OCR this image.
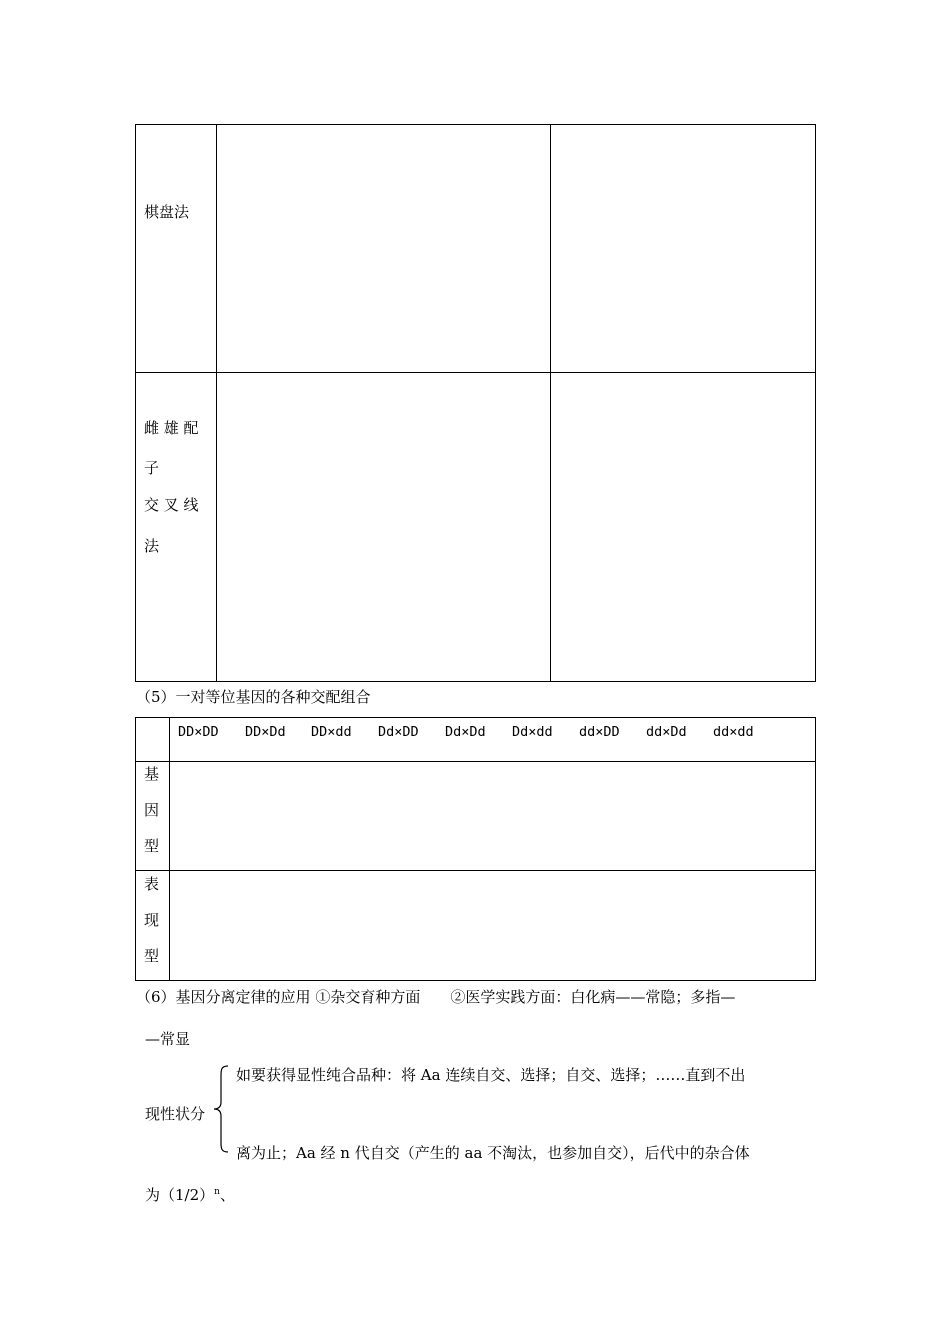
棋盘法
雌 雄 配
子
交 叉 线
法
（5）一对等位基因的各种交配组合
DD×DD DD×Dd DD×dd Dd×DD Dd×Dd Dd×dd dd×DD dd×Dd dd×dd
基
因
型
表
现
型
（6）基因分离定律的应用 ①杂交育种方面　　②医学实践方面：白化病——常隐；多指—
—常显
如要获得显性纯合品种：将 Aa 连续自交、选择；自交、选择；……直到不出
现性状分
离为止；Aa 经 n 代自交（产生的 aa 不淘汰，也参加自交），后代中的杂合体
为$(1/2)^n$、
